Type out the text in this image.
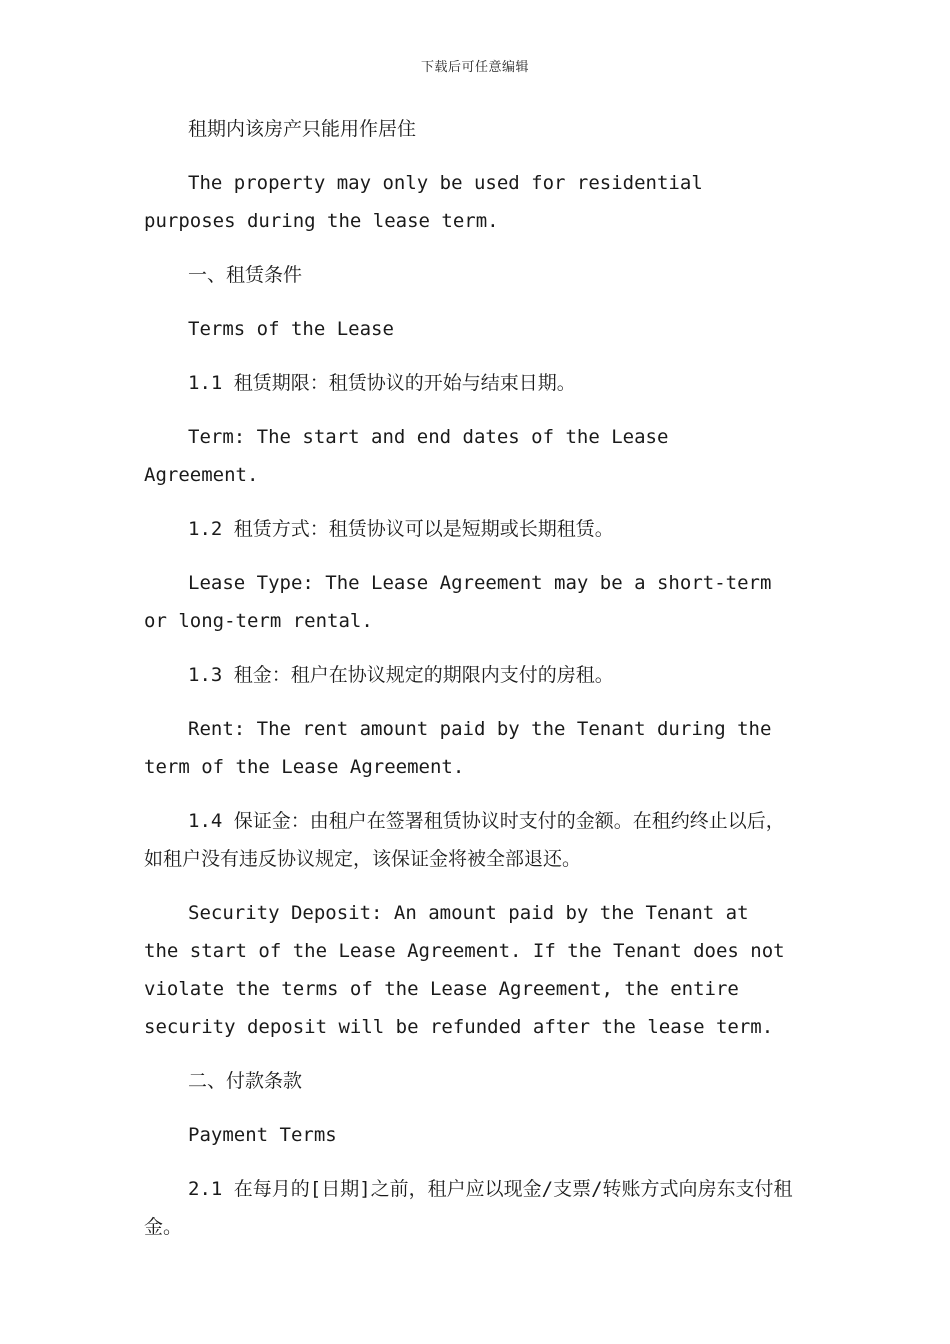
下载后可任意编辑

租期内该房产只能用作居住

The property may only be used for residential purposes during the lease term.

一、租赁条件

Terms of the Lease

1.1 租赁期限：租赁协议的开始与结束日期。

Term: The start and end dates of the Lease Agreement.

1.2 租赁方式：租赁协议可以是短期或长期租赁。

Lease Type: The Lease Agreement may be a short-term or long-term rental.

1.3 租金：租户在协议规定的期限内支付的房租。

Rent: The rent amount paid by the Tenant during the term of the Lease Agreement.

1.4 保证金：由租户在签署租赁协议时支付的金额。在租约终止以后，如租户没有违反协议规定，该保证金将被全部退还。

Security Deposit: An amount paid by the Tenant at the start of the Lease Agreement. If the Tenant does not violate the terms of the Lease Agreement, the entire security deposit will be refunded after the lease term.

二、付款条款

Payment Terms

2.1 在每月的[日期]之前，租户应以现金/支票/转账方式向房东支付租金。
